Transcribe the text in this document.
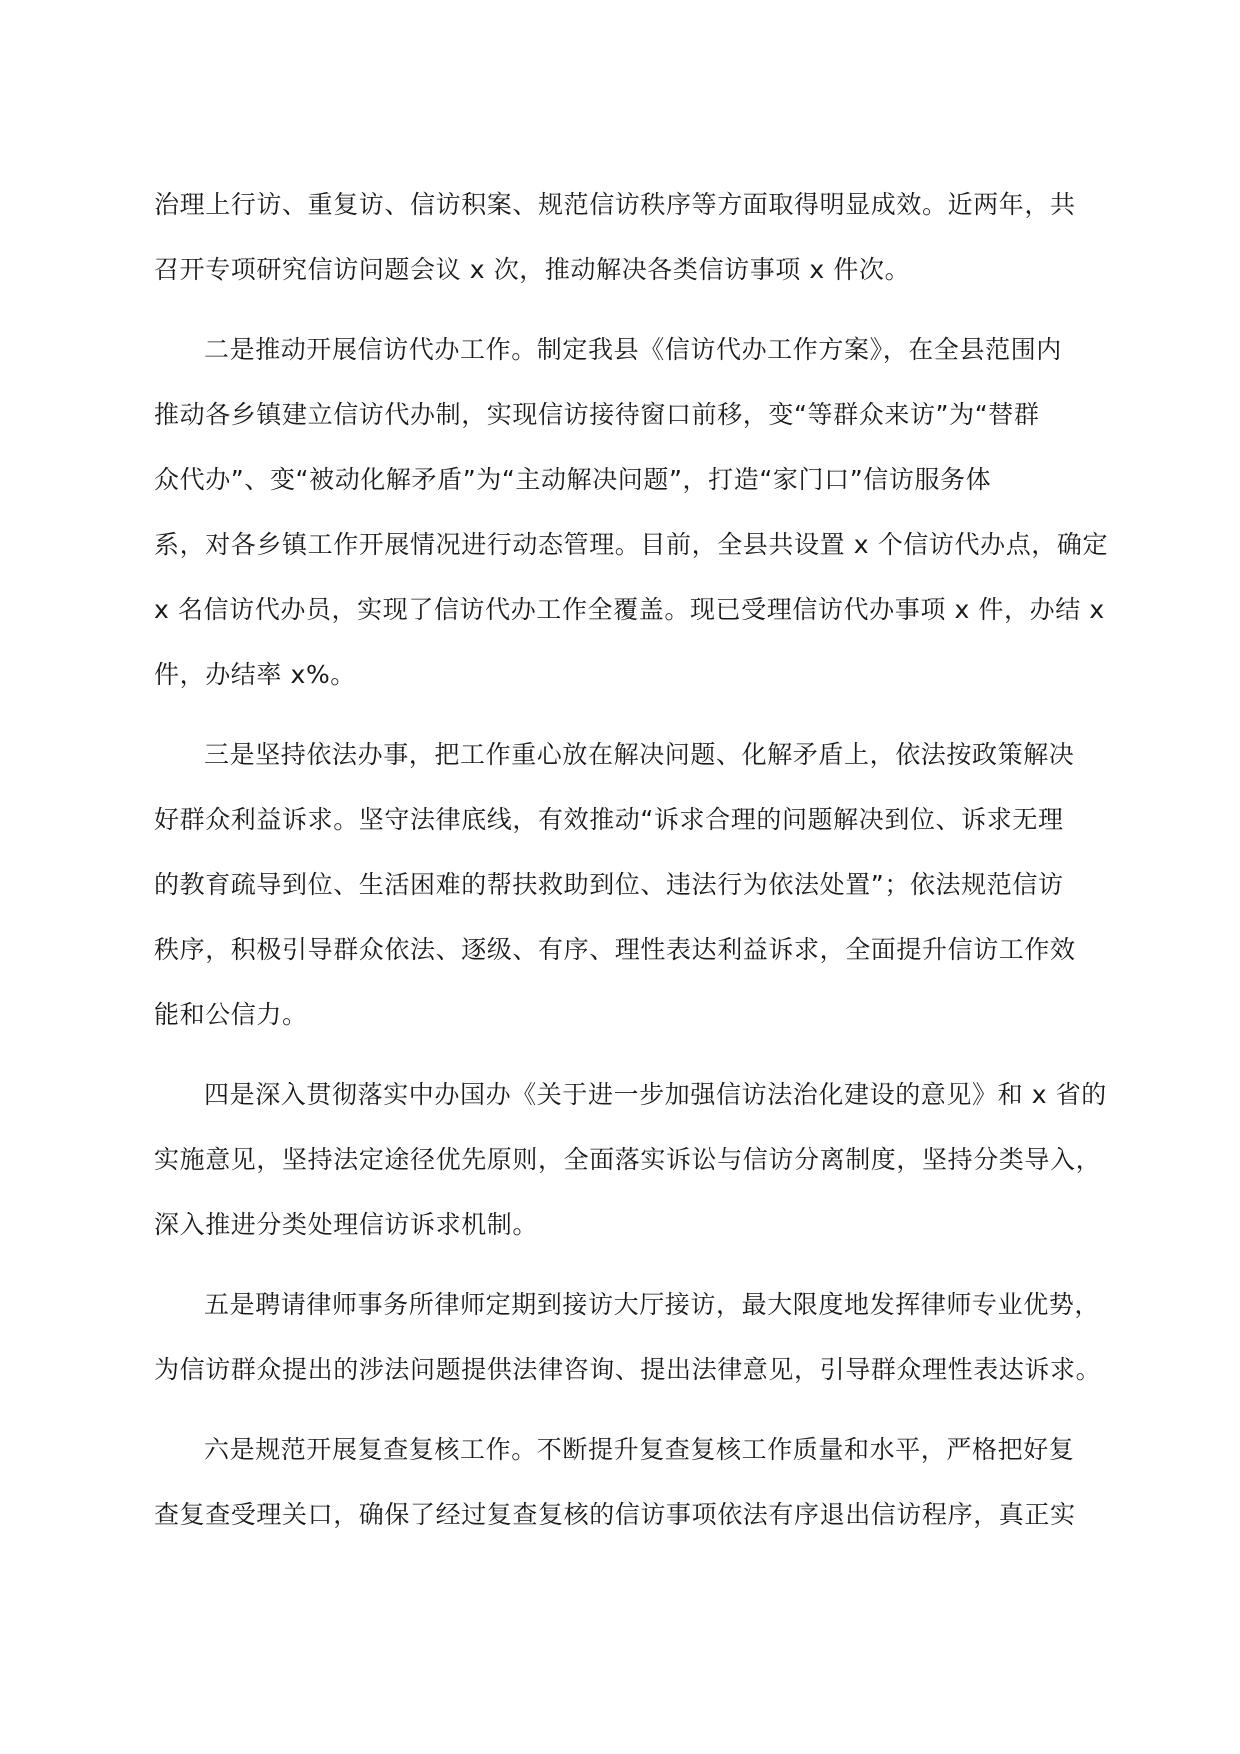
治理上行访、重复访、信访积案、规范信访秩序等方面取得明显成效。近两年，共
召开专项研究信访问题会议 x 次，推动解决各类信访事项 x 件次。
二是推动开展信访代办工作。制定我县《信访代办工作方案》，在全县范围内
推动各乡镇建立信访代办制，实现信访接待窗口前移，变“等群众来访”为“替群
众代办”、变“被动化解矛盾”为“主动解决问题”，打造“家门口”信访服务体
系，对各乡镇工作开展情况进行动态管理。目前，全县共设置 x 个信访代办点，确定
x 名信访代办员，实现了信访代办工作全覆盖。现已受理信访代办事项 x 件，办结 x
件，办结率 x%。
三是坚持依法办事，把工作重心放在解决问题、化解矛盾上，依法按政策解决
好群众利益诉求。坚守法律底线，有效推动“诉求合理的问题解决到位、诉求无理
的教育疏导到位、生活困难的帮扶救助到位、违法行为依法处置”；依法规范信访
秩序，积极引导群众依法、逐级、有序、理性表达利益诉求，全面提升信访工作效
能和公信力。
四是深入贯彻落实中办国办《关于进一步加强信访法治化建设的意见》和 x 省的
实施意见，坚持法定途径优先原则，全面落实诉讼与信访分离制度，坚持分类导入，
深入推进分类处理信访诉求机制。
五是聘请律师事务所律师定期到接访大厅接访，最大限度地发挥律师专业优势，
为信访群众提出的涉法问题提供法律咨询、提出法律意见，引导群众理性表达诉求。
六是规范开展复查复核工作。不断提升复查复核工作质量和水平，严格把好复
查复查受理关口，确保了经过复查复核的信访事项依法有序退出信访程序，真正实
